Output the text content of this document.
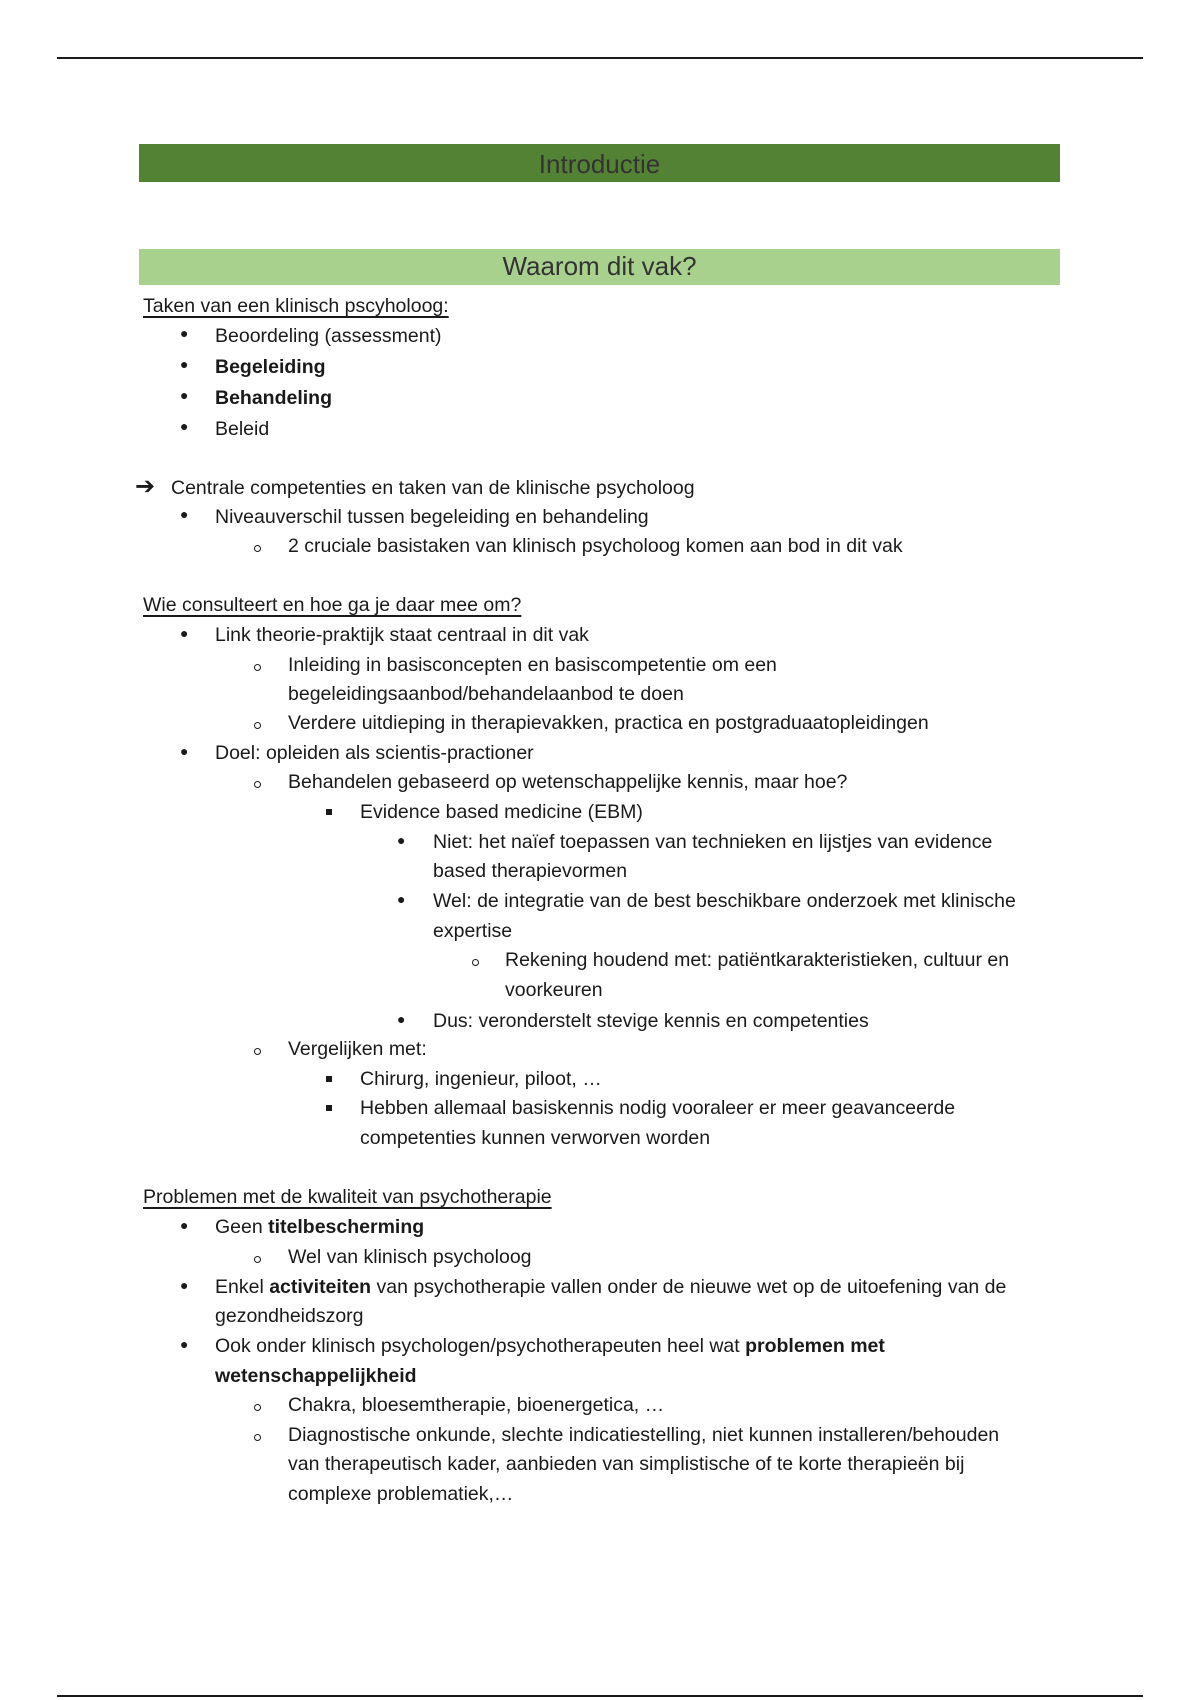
Introductie
Waarom dit vak?
Taken van een klinisch pscyholoog:
● Beoordeling (assessment)
● Begeleiding
● Behandeling
● Beleid
➔ Centrale competenties en taken van de klinische psycholoog
● Niveauverschil tussen begeleiding en behandeling
2 cruciale basistaken van klinisch psycholoog komen aan bod in dit vak
Wie consulteert en hoe ga je daar mee om?
● Link theorie-praktijk staat centraal in dit vak
Inleiding in basisconcepten en basiscompetentie om een
begeleidingsaanbod/behandelaanbod te doen
Verdere uitdieping in therapievakken, practica en postgraduaatopleidingen
● Doel: opleiden als scientis-practioner
Behandelen gebaseerd op wetenschappelijke kennis, maar hoe?
Evidence based medicine (EBM)
● Niet: het naïef toepassen van technieken en lijstjes van evidence
based therapievormen
● Wel: de integratie van de best beschikbare onderzoek met klinische
expertise
Rekening houdend met: patiëntkarakteristieken, cultuur en
voorkeuren
● Dus: veronderstelt stevige kennis en competenties
Vergelijken met:
Chirurg, ingenieur, piloot, …
Hebben allemaal basiskennis nodig vooraleer er meer geavanceerde
competenties kunnen verworven worden
Problemen met de kwaliteit van psychotherapie
● Geen titelbescherming
Wel van klinisch psycholoog
● Enkel activiteiten van psychotherapie vallen onder de nieuwe wet op de uitoefening van de
gezondheidszorg
● Ook onder klinisch psychologen/psychotherapeuten heel wat problemen met
wetenschappelijkheid
Chakra, bloesemtherapie, bioenergetica, …
Diagnostische onkunde, slechte indicatiestelling, niet kunnen installeren/behouden
van therapeutisch kader, aanbieden van simplistische of te korte therapieën bij
complexe problematiek,…
